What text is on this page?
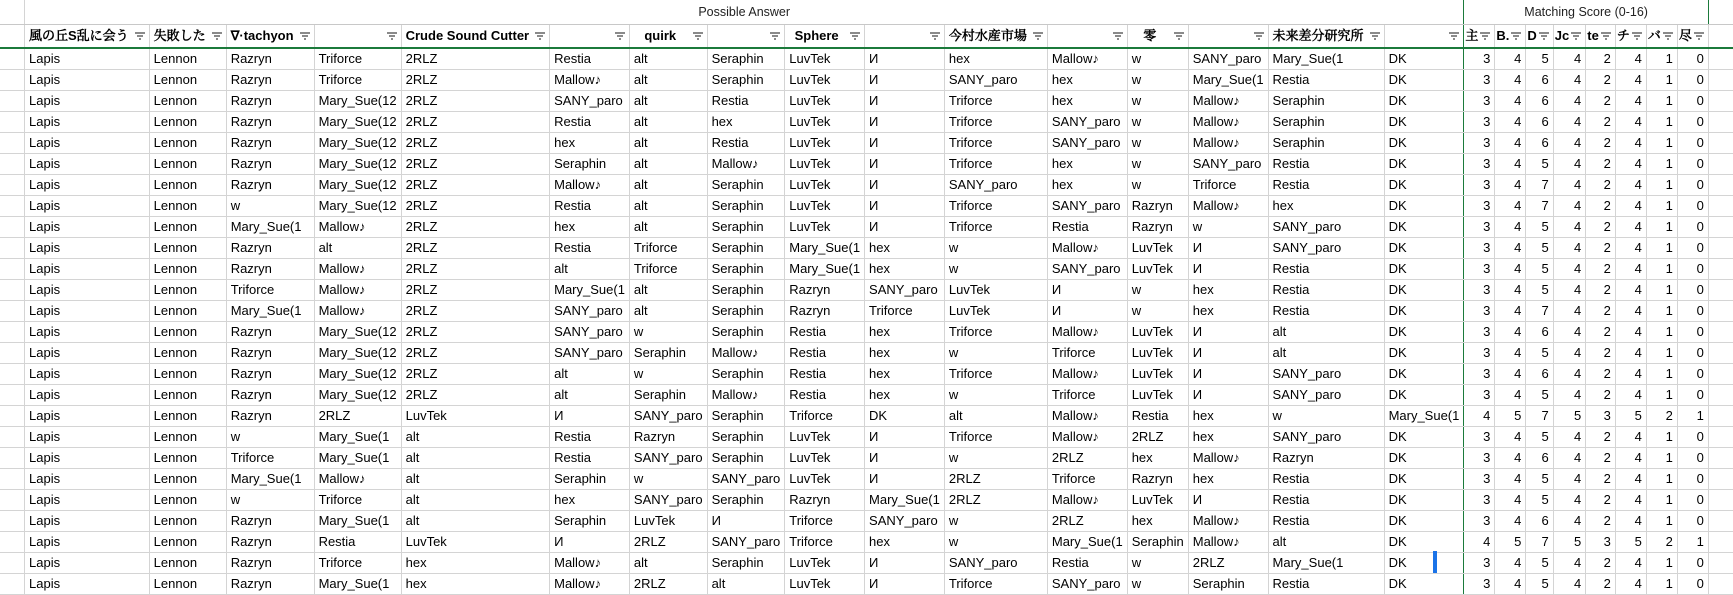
	Possible Answer																Matching Score (0-16)								
	風の丘S乱に会う	失敗した	∇·tachyon		Crude Sound Cutter		quirk		Sphere		今村水産市場		零		未来差分研究所		主	B.	D	Jc	te	チ	バ	尽

	Lapis	Lennon	Razryn	Triforce	2RLZ	Restia	alt	Seraphin	LuvTek	И	hex	Mallow♪	w	SANY_paro	Mary_Sue(1	DK	3	4	5	4	2	4	1	0	
	Lapis	Lennon	Razryn	Triforce	2RLZ	Mallow♪	alt	Seraphin	LuvTek	И	SANY_paro	hex	w	Mary_Sue(1	Restia	DK	3	4	6	4	2	4	1	0	
	Lapis	Lennon	Razryn	Mary_Sue(12	2RLZ	SANY_paro	alt	Restia	LuvTek	И	Triforce	hex	w	Mallow♪	Seraphin	DK	3	4	6	4	2	4	1	0	
	Lapis	Lennon	Razryn	Mary_Sue(12	2RLZ	Restia	alt	hex	LuvTek	И	Triforce	SANY_paro	w	Mallow♪	Seraphin	DK	3	4	6	4	2	4	1	0	
	Lapis	Lennon	Razryn	Mary_Sue(12	2RLZ	hex	alt	Restia	LuvTek	И	Triforce	SANY_paro	w	Mallow♪	Seraphin	DK	3	4	6	4	2	4	1	0	
	Lapis	Lennon	Razryn	Mary_Sue(12	2RLZ	Seraphin	alt	Mallow♪	LuvTek	И	Triforce	hex	w	SANY_paro	Restia	DK	3	4	5	4	2	4	1	0	
	Lapis	Lennon	Razryn	Mary_Sue(12	2RLZ	Mallow♪	alt	Seraphin	LuvTek	И	SANY_paro	hex	w	Triforce	Restia	DK	3	4	7	4	2	4	1	0	
	Lapis	Lennon	w	Mary_Sue(12	2RLZ	Restia	alt	Seraphin	LuvTek	И	Triforce	SANY_paro	Razryn	Mallow♪	hex	DK	3	4	7	4	2	4	1	0	
	Lapis	Lennon	Mary_Sue(1	Mallow♪	2RLZ	hex	alt	Seraphin	LuvTek	И	Triforce	Restia	Razryn	w	SANY_paro	DK	3	4	5	4	2	4	1	0	
	Lapis	Lennon	Razryn	alt	2RLZ	Restia	Triforce	Seraphin	Mary_Sue(1	hex	w	Mallow♪	LuvTek	И	SANY_paro	DK	3	4	5	4	2	4	1	0	
	Lapis	Lennon	Razryn	Mallow♪	2RLZ	alt	Triforce	Seraphin	Mary_Sue(1	hex	w	SANY_paro	LuvTek	И	Restia	DK	3	4	5	4	2	4	1	0	
	Lapis	Lennon	Triforce	Mallow♪	2RLZ	Mary_Sue(1	alt	Seraphin	Razryn	SANY_paro	LuvTek	И	w	hex	Restia	DK	3	4	5	4	2	4	1	0	
	Lapis	Lennon	Mary_Sue(1	Mallow♪	2RLZ	SANY_paro	alt	Seraphin	Razryn	Triforce	LuvTek	И	w	hex	Restia	DK	3	4	7	4	2	4	1	0	
	Lapis	Lennon	Razryn	Mary_Sue(12	2RLZ	SANY_paro	w	Seraphin	Restia	hex	Triforce	Mallow♪	LuvTek	И	alt	DK	3	4	6	4	2	4	1	0	
	Lapis	Lennon	Razryn	Mary_Sue(12	2RLZ	SANY_paro	Seraphin	Mallow♪	Restia	hex	w	Triforce	LuvTek	И	alt	DK	3	4	5	4	2	4	1	0	
	Lapis	Lennon	Razryn	Mary_Sue(12	2RLZ	alt	w	Seraphin	Restia	hex	Triforce	Mallow♪	LuvTek	И	SANY_paro	DK	3	4	6	4	2	4	1	0	
	Lapis	Lennon	Razryn	Mary_Sue(12	2RLZ	alt	Seraphin	Mallow♪	Restia	hex	w	Triforce	LuvTek	И	SANY_paro	DK	3	4	5	4	2	4	1	0	
	Lapis	Lennon	Razryn	2RLZ	LuvTek	И	SANY_paro	Seraphin	Triforce	DK	alt	Mallow♪	Restia	hex	w	Mary_Sue(1	4	5	7	5	3	5	2	1	
	Lapis	Lennon	w	Mary_Sue(1	alt	Restia	Razryn	Seraphin	LuvTek	И	Triforce	Mallow♪	2RLZ	hex	SANY_paro	DK	3	4	5	4	2	4	1	0	
	Lapis	Lennon	Triforce	Mary_Sue(1	alt	Restia	SANY_paro	Seraphin	LuvTek	И	w	2RLZ	hex	Mallow♪	Razryn	DK	3	4	6	4	2	4	1	0	
	Lapis	Lennon	Mary_Sue(1	Mallow♪	alt	Seraphin	w	SANY_paro	LuvTek	И	2RLZ	Triforce	Razryn	hex	Restia	DK	3	4	5	4	2	4	1	0	
	Lapis	Lennon	w	Triforce	alt	hex	SANY_paro	Seraphin	Razryn	Mary_Sue(1	2RLZ	Mallow♪	LuvTek	И	Restia	DK	3	4	5	4	2	4	1	0	
	Lapis	Lennon	Razryn	Mary_Sue(1	alt	Seraphin	LuvTek	И	Triforce	SANY_paro	w	2RLZ	hex	Mallow♪	Restia	DK	3	4	6	4	2	4	1	0	
	Lapis	Lennon	Razryn	Restia	LuvTek	И	2RLZ	SANY_paro	Triforce	hex	w	Mary_Sue(1	Seraphin	Mallow♪	alt	DK	4	5	7	5	3	5	2	1	
	Lapis	Lennon	Razryn	Triforce	hex	Mallow♪	alt	Seraphin	LuvTek	И	SANY_paro	Restia	w	2RLZ	Mary_Sue(1	DK	3	4	5	4	2	4	1	0	
	Lapis	Lennon	Razryn	Mary_Sue(1	hex	Mallow♪	2RLZ	alt	LuvTek	И	Triforce	SANY_paro	w	Seraphin	Restia	DK	3	4	5	4	2	4	1	0	
